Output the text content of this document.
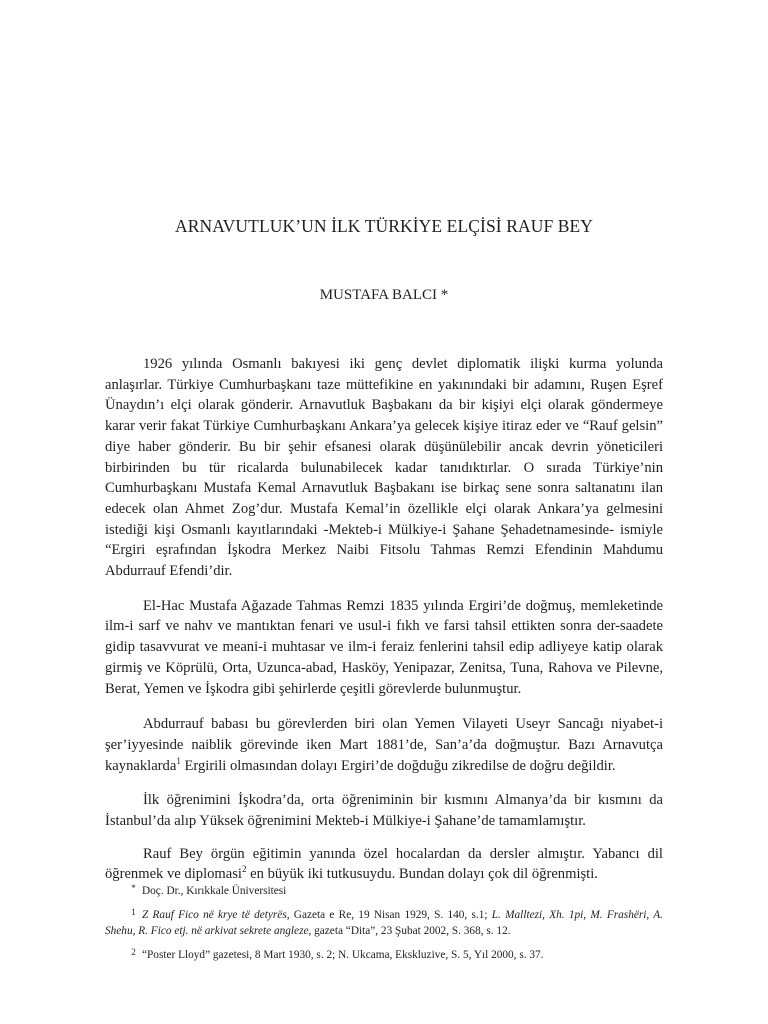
ARNAVUTLUK’UN İLK TÜRKİYE ELÇİSİ RAUF BEY
MUSTAFA BALCI *

1926 yılında Osmanlı bakıyesi iki genç devlet diplomatik ilişki kurma yolunda anlaşırlar. Türkiye Cumhurbaşkanı taze müttefikine en yakınındaki bir adamını, Ruşen Eşref Ünaydın’ı elçi olarak gönderir. Arnavutluk Başbakanı da bir kişiyi elçi olarak göndermeye karar verir fakat Türkiye Cumhurbaşkanı Ankara’ya gelecek kişiye itiraz eder ve “Rauf gelsin” diye haber gönderir. Bu bir şehir efsanesi olarak düşünülebilir ancak devrin yöneticileri birbirinden bu tür ricalarda bulunabilecek kadar tanıdıktırlar. O sırada Türkiye’nin Cumhurbaşkanı Mustafa Kemal Arnavutluk Başbakanı ise birkaç sene sonra saltanatını ilan edecek olan Ahmet Zog’dur. Mustafa Kemal’in özellikle elçi olarak Ankara’ya gelmesini istediği kişi Osmanlı kayıtlarındaki -Mekteb-i Mülkiye-i Şahane Şehadetnamesinde- ismiyle “Ergiri eşrafından İşkodra Merkez Naibi Fitsolu Tahmas Remzi Efendinin Mahdumu Abdurrauf Efendi’dir.

El-Hac Mustafa Ağazade Tahmas Remzi 1835 yılında Ergiri’de doğmuş, memleketinde ilm-i sarf ve nahv ve mantıktan fenari ve usul-i fıkh ve farsi tahsil ettikten sonra der-saadete gidip tasavvurat ve meani-i muhtasar ve ilm-i feraiz fenlerini tahsil edip adliyeye katip olarak girmiş ve Köprülü, Orta, Uzunca-abad, Hasköy, Yenipazar, Zenitsa, Tuna, Rahova ve Pilevne, Berat, Yemen ve İşkodra gibi şehirlerde çeşitli görevlerde bulunmuştur.

Abdurrauf babası bu görevlerden biri olan Yemen Vilayeti Useyr Sancağı niyabet-i şer’iyyesinde naiblik görevinde iken Mart 1881’de, San’a’da doğmuştur. Bazı Arnavutça kaynaklarda$^1$ Ergirili olmasından dolayı Ergiri’de doğduğu zikredilse de doğru değildir.

İlk öğrenimini İşkodra’da, orta öğreniminin bir kısmını Almanya’da bir kısmını da İstanbul’da alıp Yüksek öğrenimini Mekteb-i Mülkiye-i Şahane’de tamamlamıştır.

Rauf Bey örgün eğitimin yanında özel hocalardan da dersler almıştır. Yabancı dil öğrenmek ve diplomasi$^2$ en büyük iki tutkusuydu. Bundan dolayı çok dil öğrenmişti.

* Doç. Dr., Kırıkkale Üniversitesi
1 Z Rauf Fico në krye të detyrës, Gazeta e Re, 19 Nisan 1929, S. 140, s.1; L. Malltezi, Xh. 1pi, M. Frashëri, A. Shehu, R. Fico etj. në arkivat sekrete angleze, gazeta “Dita”, 23 Şubat 2002, S. 368, s. 12.
2 “Poster Lloyd” gazetesi, 8 Mart 1930, s. 2; N. Ukcama, Ekskluzive, S. 5, Yıl 2000, s. 37.
